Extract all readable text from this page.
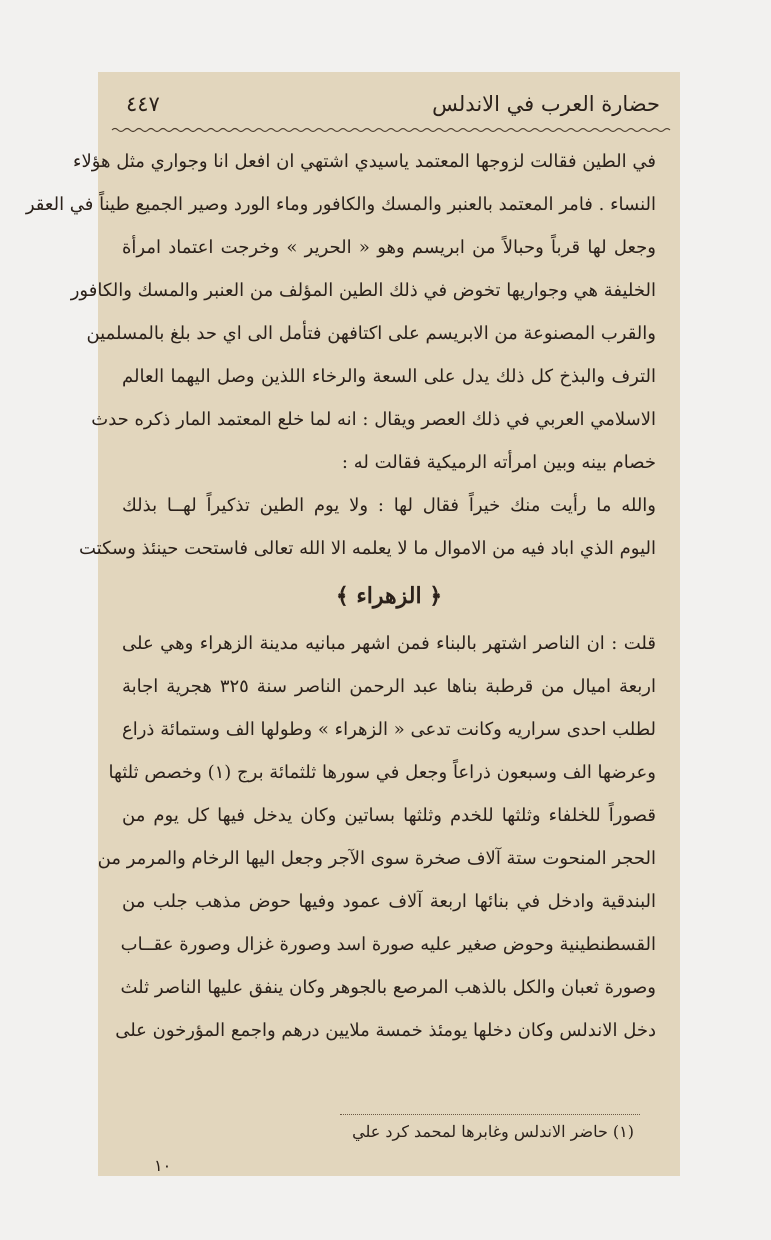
حضارة العرب في الاندلس
٤٤٧
في الطين فقالت لزوجها المعتمد ياسيدي اشتهي ان افعل انا وجواري مثل هؤلاء
النساء . فامر المعتمد بالعنبر والمسك والكافور وماء الورد وصير الجميع طيناً في العقر
وجعل لها قرباً وحبالاً من ابريسم وهو « الحرير » وخرجت اعتماد امرأة
الخليفة هي وجواريها تخوض في ذلك الطين المؤلف من العنبر والمسك والكافور
والقرب المصنوعة من الابريسم على اكتافهن فتأمل الى اي حد بلغ بالمسلمين
الترف والبذخ كل ذلك يدل على السعة والرخاء اللذين وصل اليهما العالم
الاسلامي العربي في ذلك العصر ويقال : انه لما خلع المعتمد المار ذكره حدث
خصام بينه وبين امرأته الرميكية فقالت له :
والله ما رأيت منك خيراً فقال لها : ولا يوم الطين تذكيراً لهــا بذلك
اليوم الذي اباد فيه من الاموال ما لا يعلمه الا الله تعالى فاستحت حينئذ وسكتت
﴿ الزهراء ﴾
قلت : ان الناصر اشتهر بالبناء فمن اشهر مبانيه مدينة الزهراء وهي على
اربعة اميال من قرطبة بناها عبد الرحمن الناصر سنة ٣٢٥ هجرية اجابة
لطلب احدى سراريه وكانت تدعى « الزهراء » وطولها الف وستمائة ذراع
وعرضها الف وسبعون ذراعاً وجعل في سورها ثلثمائة برج (١) وخصص ثلثها
قصوراً للخلفاء وثلثها للخدم وثلثها بساتين وكان يدخل فيها كل يوم من
الحجر المنحوت ستة آلاف صخرة سوى الآجر وجعل اليها الرخام والمرمر من
البندقية وادخل في بنائها اربعة آلاف عمود وفيها حوض مذهب جلب من
القسطنطينية وحوض صغير عليه صورة اسد وصورة غزال وصورة عقــاب
وصورة ثعبان والكل بالذهب المرصع بالجوهر وكان ينفق عليها الناصر ثلث
دخل الاندلس وكان دخلها يومئذ خمسة ملايين درهم واجمع المؤرخون على
(١) حاضر الاندلس وغابرها لمحمد كرد علي
١٠
